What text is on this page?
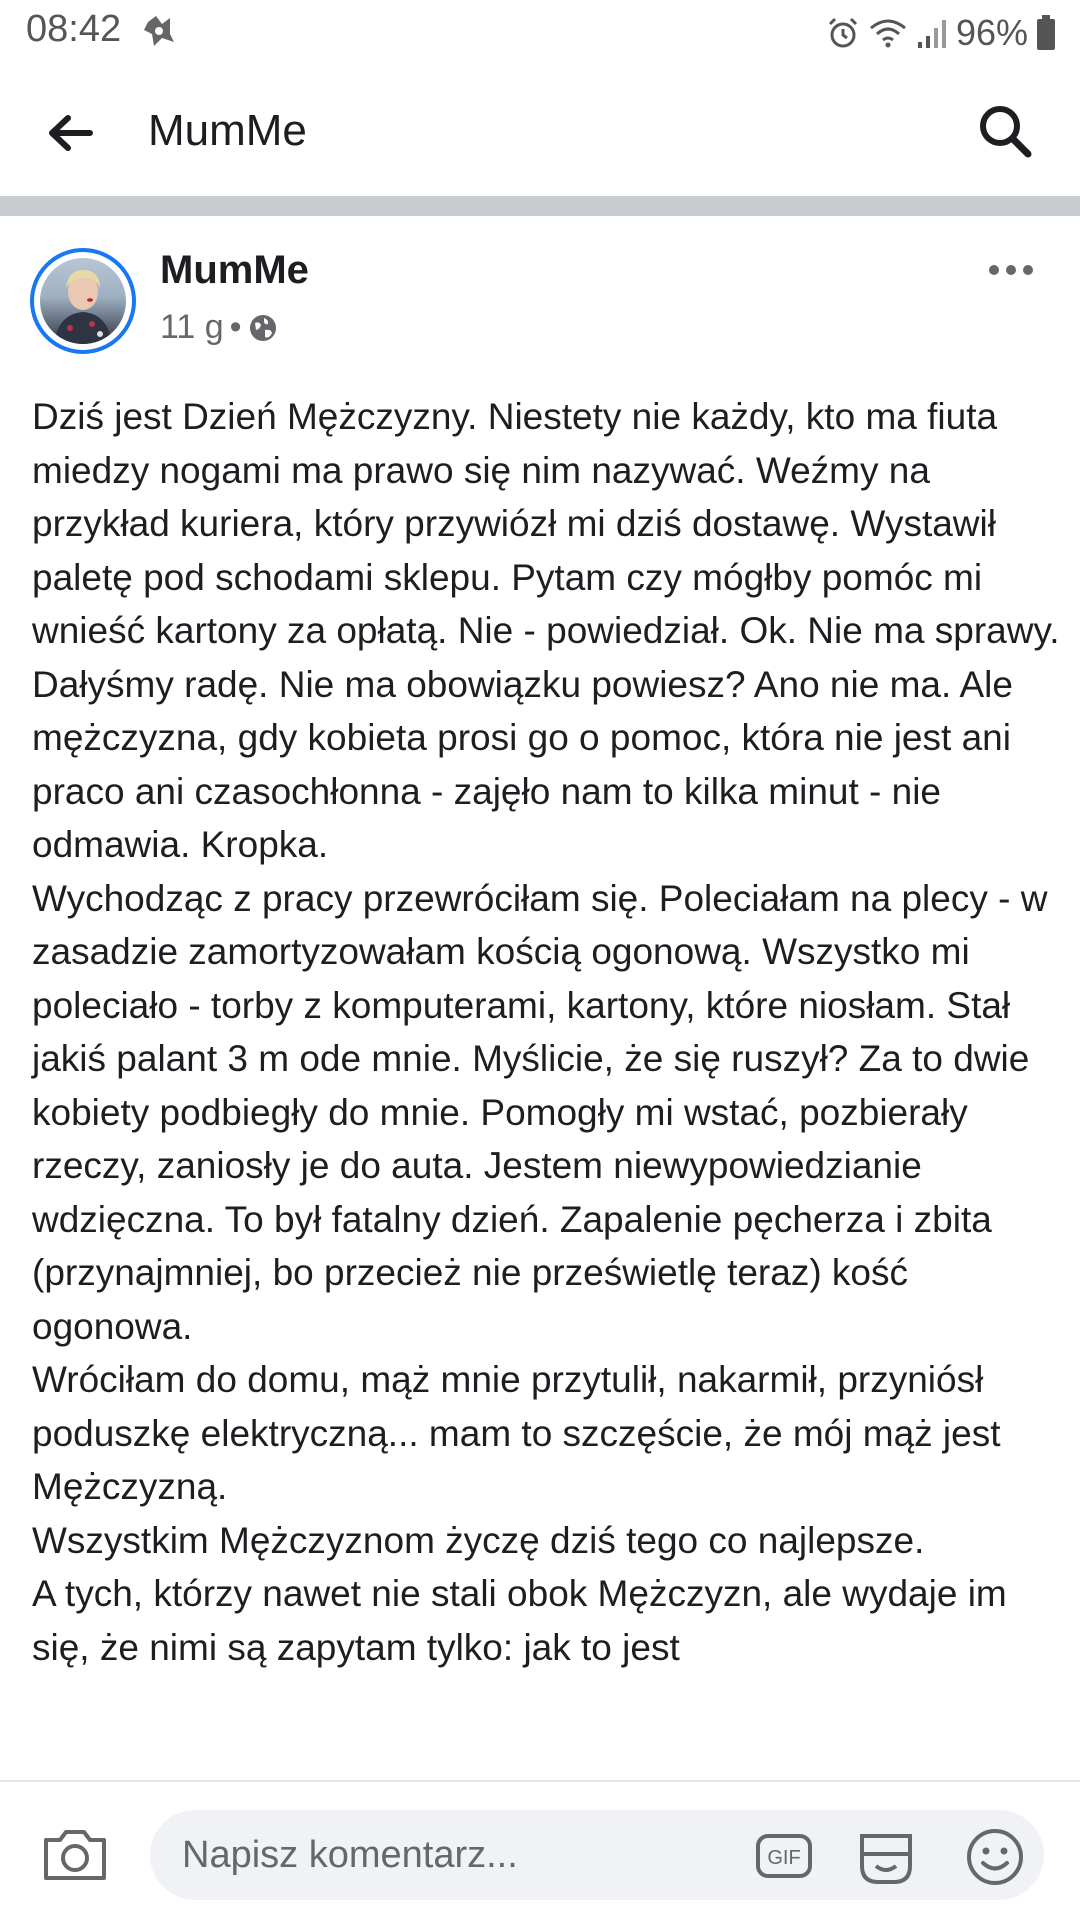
08:42	96%
MumMe
MumMe
11 g •

Dziś jest Dzień Mężczyzny. Niestety nie każdy, kto ma fiuta miedzy nogami ma prawo się nim nazywać. Weźmy na przykład kuriera, który przywiózł mi dziś dostawę. Wystawił paletę pod schodami sklepu. Pytam czy mógłby pomóc mi wnieść kartony za opłatą. Nie - powiedział. Ok. Nie ma sprawy. Dałyśmy radę. Nie ma obowiązku powiesz? Ano nie ma. Ale mężczyzna, gdy kobieta prosi go o pomoc, która nie jest ani praco ani czasochłonna - zajęło nam to kilka minut - nie odmawia. Kropka.

Wychodząc z pracy przewróciłam się. Poleciałam na plecy - w zasadzie zamortyzowałam kością ogonową. Wszystko mi poleciało - torby z komputerami, kartony, które niosłam. Stał jakiś palant 3 m ode mnie. Myślicie, że się ruszył? Za to dwie kobiety podbiegły do mnie. Pomogły mi wstać, pozbierały rzeczy, zaniosły je do auta. Jestem niewypowiedzianie wdzięczna. To był fatalny dzień. Zapalenie pęcherza i zbita (przynajmniej, bo przecież nie prześwietlę teraz) kość ogonowa.

Wróciłam do domu, mąż mnie przytulił, nakarmił, przyniósł poduszkę elektryczną... mam to szczęście, że mój mąż jest Mężczyzną.

Wszystkim Mężczyznom życzę dziś tego co najlepsze.

A tych, którzy nawet nie stali obok Mężczyzn, ale wydaje im się, że nimi są zapytam tylko: jak to jest

Napisz komentarz...	GIF
